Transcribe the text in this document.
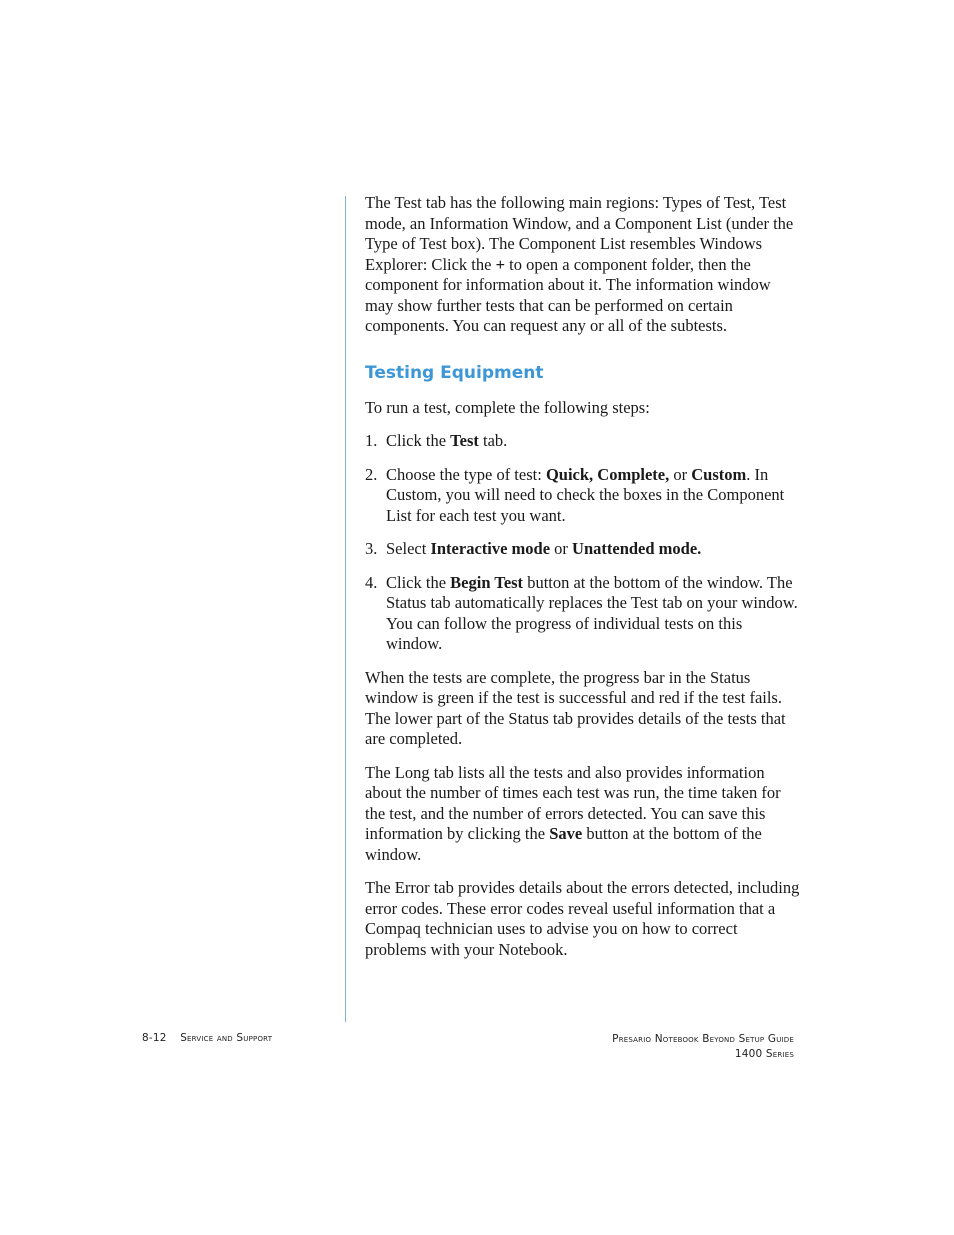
The Test tab has the following main regions: Types of Test, Test mode, an Information Window, and a Component List (under the Type of Test box). The Component List resembles Windows Explorer: Click the + to open a component folder, then the component for information about it. The information window may show further tests that can be performed on certain components. You can request any or all of the subtests.

Testing Equipment

To run a test, complete the following steps:

1. Click the Test tab.
2. Choose the type of test: Quick, Complete, or Custom. In Custom, you will need to check the boxes in the Component List for each test you want.
3. Select Interactive mode or Unattended mode.
4. Click the Begin Test button at the bottom of the window. The Status tab automatically replaces the Test tab on your window. You can follow the progress of individual tests on this window.

When the tests are complete, the progress bar in the Status window is green if the test is successful and red if the test fails. The lower part of the Status tab provides details of the tests that are completed.

The Long tab lists all the tests and also provides information about the number of times each test was run, the time taken for the test, and the number of errors detected. You can save this information by clicking the Save button at the bottom of the window.

The Error tab provides details about the errors detected, including error codes. These error codes reveal useful information that a Compaq technician uses to advise you on how to correct problems with your Notebook.

8-12 Service and Support	Presario Notebook Beyond Setup Guide
1400 Series
